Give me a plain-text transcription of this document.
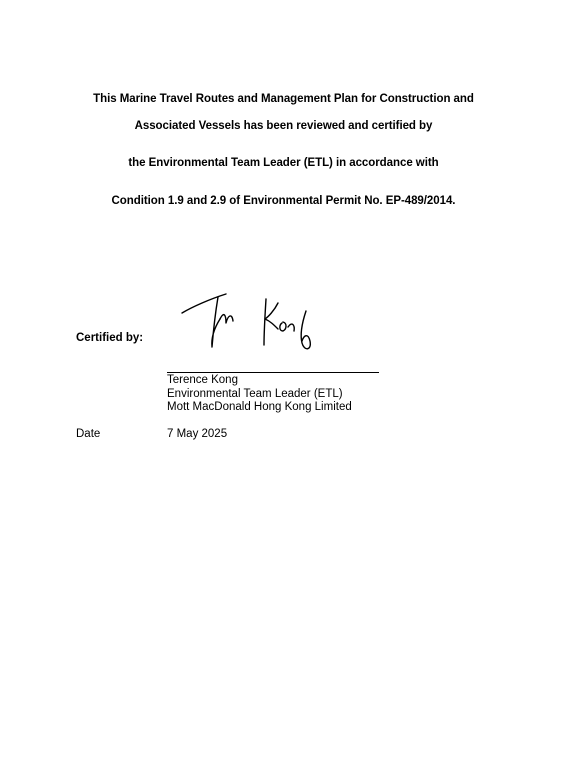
This Marine Travel Routes and Management Plan for Construction and
Associated Vessels has been reviewed and certified by
the Environmental Team Leader (ETL) in accordance with
Condition 1.9 and 2.9 of Environmental Permit No. EP-489/2014.
Certified by:
Terence Kong
Environmental Team Leader (ETL)
Mott MacDonald Hong Kong Limited
Date	7 May 2025
